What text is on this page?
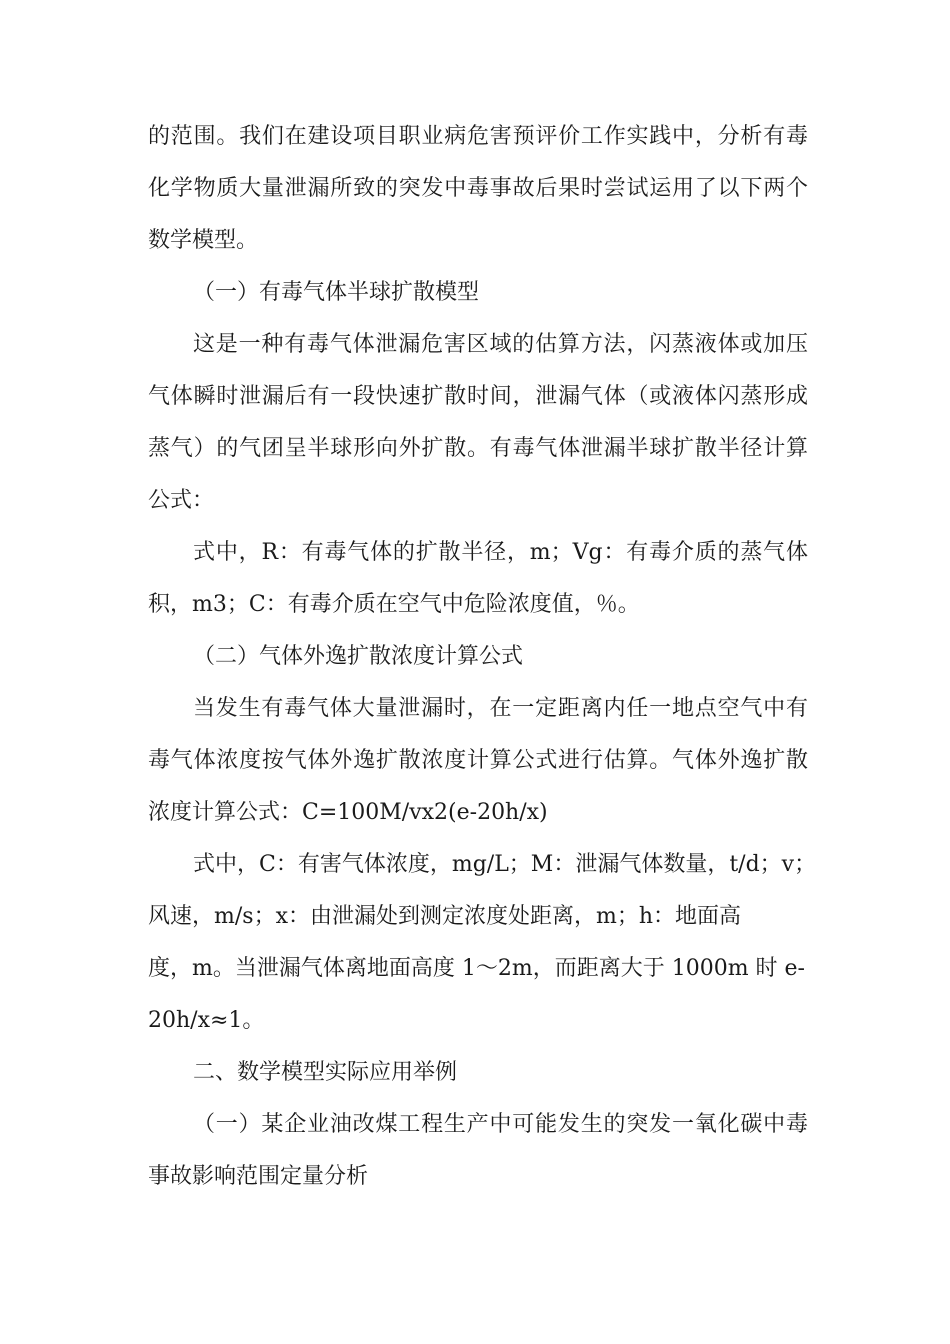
的范围。我们在建设项目职业病危害预评价工作实践中，分析有毒
化学物质大量泄漏所致的突发中毒事故后果时尝试运用了以下两个
数学模型。
（一）有毒气体半球扩散模型
这是一种有毒气体泄漏危害区域的估算方法，闪蒸液体或加压
气体瞬时泄漏后有一段快速扩散时间，泄漏气体（或液体闪蒸形成
蒸气）的气团呈半球形向外扩散。有毒气体泄漏半球扩散半径计算
公式：
式中，R：有毒气体的扩散半径，m；Vg：有毒介质的蒸气体
积，m3；C：有毒介质在空气中危险浓度值，％。
（二）气体外逸扩散浓度计算公式
当发生有毒气体大量泄漏时，在一定距离内任一地点空气中有
毒气体浓度按气体外逸扩散浓度计算公式进行估算。气体外逸扩散
浓度计算公式：C=100M/vx2(e-20h/x)
式中，C：有害气体浓度，mg/L；M：泄漏气体数量，t/d；v；
风速，m/s；x：由泄漏处到测定浓度处距离，m；h：地面高
度，m。当泄漏气体离地面高度 1～2m，而距离大于 1000m 时 e-
20h/x≈1。
二、数学模型实际应用举例
（一）某企业油改煤工程生产中可能发生的突发一氧化碳中毒
事故影响范围定量分析
